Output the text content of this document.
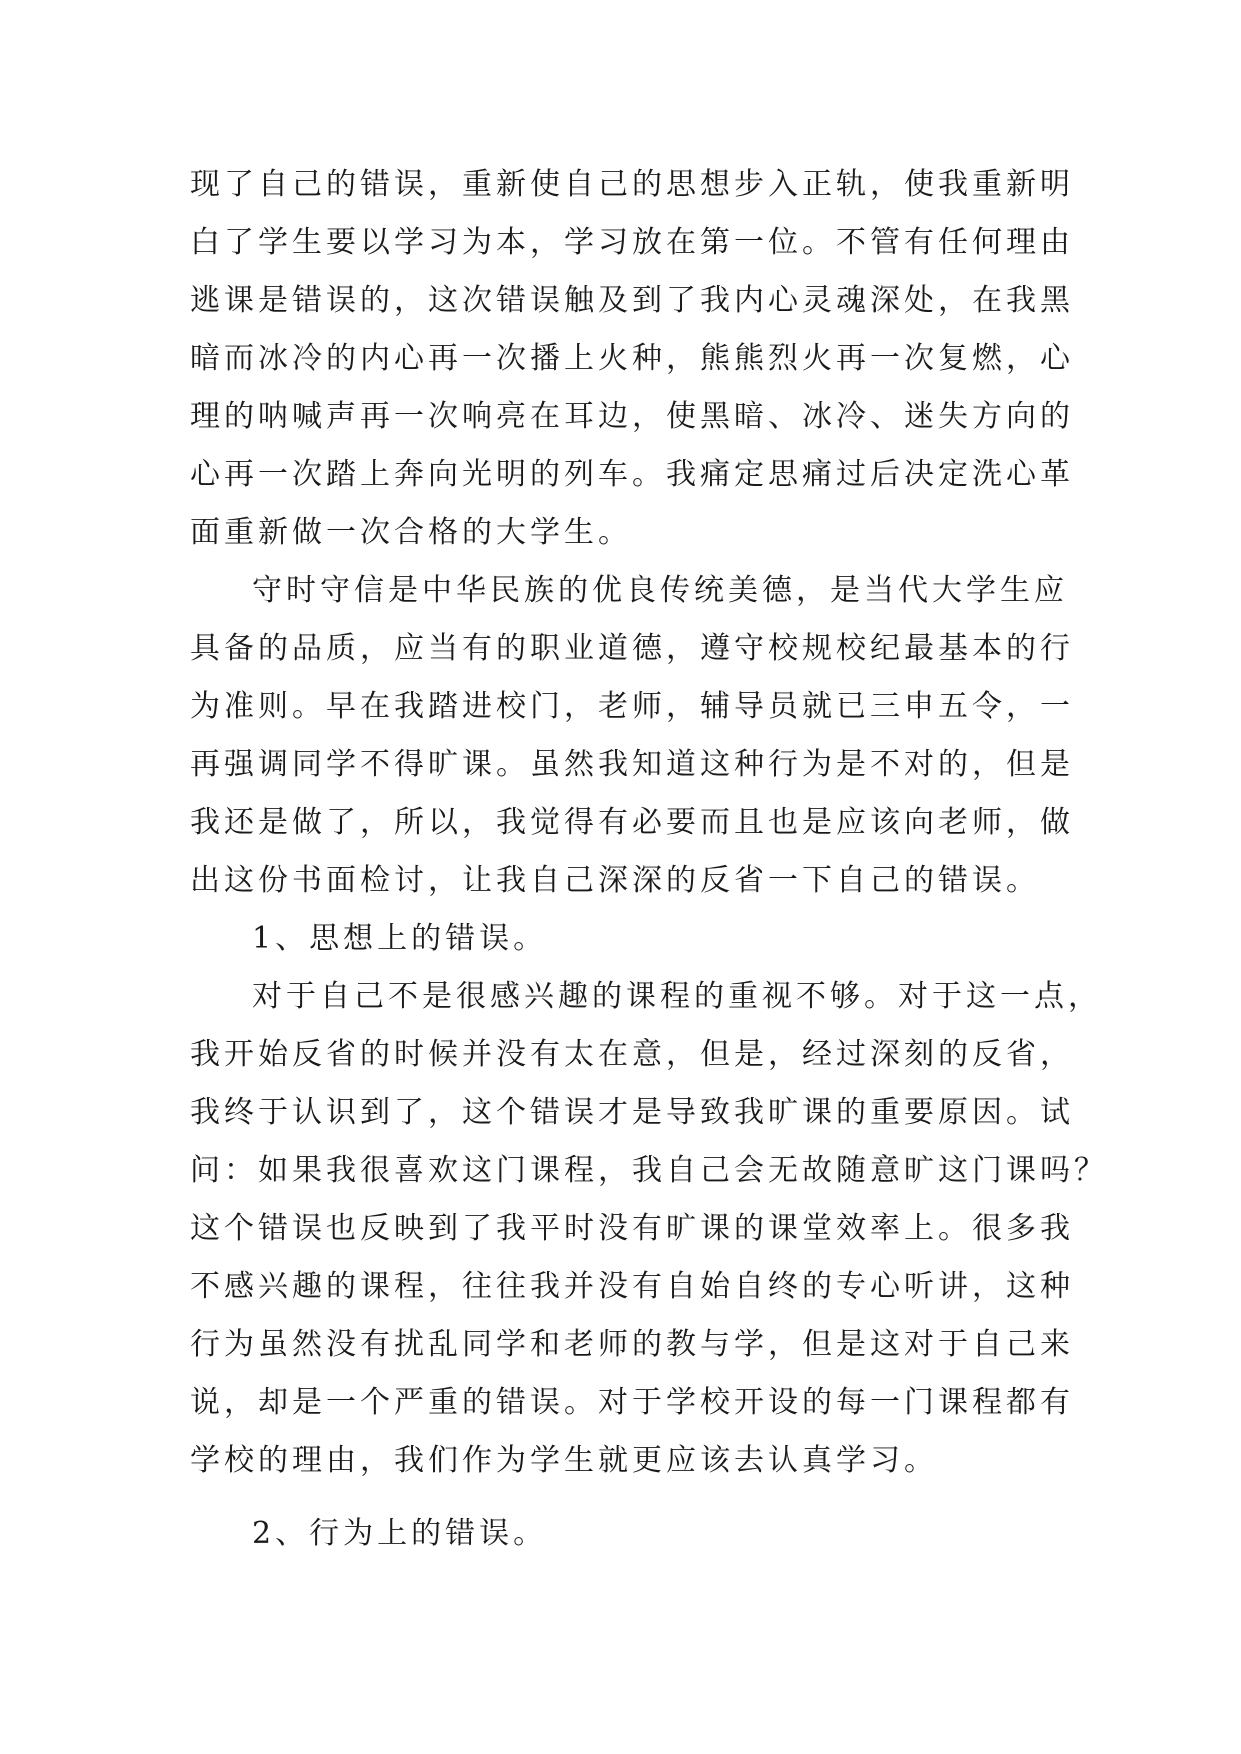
现了自己的错误，重新使自己的思想步入正轨，使我重新明
白了学生要以学习为本，学习放在第一位。不管有任何理由
逃课是错误的，这次错误触及到了我内心灵魂深处，在我黑
暗而冰冷的内心再一次播上火种，熊熊烈火再一次复燃，心
理的呐喊声再一次响亮在耳边，使黑暗、冰冷、迷失方向的
心再一次踏上奔向光明的列车。我痛定思痛过后决定洗心革
面重新做一次合格的大学生。
守时守信是中华民族的优良传统美德，是当代大学生应
具备的品质，应当有的职业道德，遵守校规校纪最基本的行
为准则。早在我踏进校门，老师，辅导员就已三申五令，一
再强调同学不得旷课。虽然我知道这种行为是不对的，但是
我还是做了，所以，我觉得有必要而且也是应该向老师，做
出这份书面检讨，让我自己深深的反省一下自己的错误。
1、思想上的错误。
对于自己不是很感兴趣的课程的重视不够。对于这一点，
我开始反省的时候并没有太在意，但是，经过深刻的反省，
我终于认识到了，这个错误才是导致我旷课的重要原因。试
问：如果我很喜欢这门课程，我自己会无故随意旷这门课吗？
这个错误也反映到了我平时没有旷课的课堂效率上。很多我
不感兴趣的课程，往往我并没有自始自终的专心听讲，这种
行为虽然没有扰乱同学和老师的教与学，但是这对于自己来
说，却是一个严重的错误。对于学校开设的每一门课程都有
学校的理由，我们作为学生就更应该去认真学习。
2、行为上的错误。
